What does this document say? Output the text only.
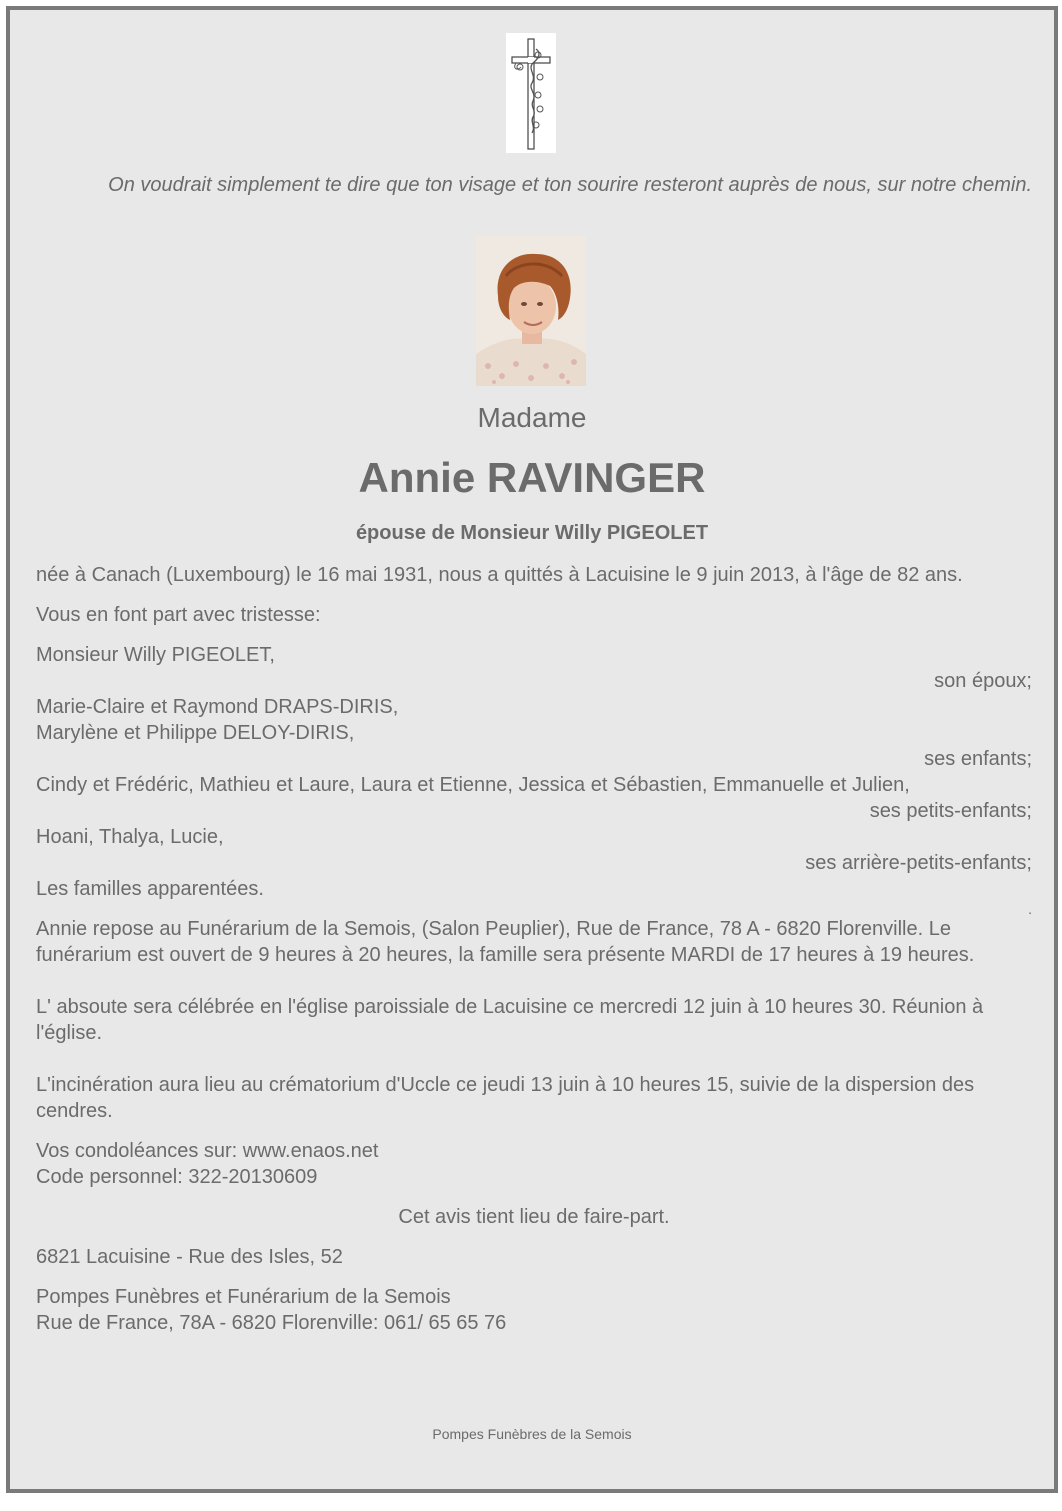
On voudrait simplement te dire que ton visage et ton sourire resteront auprès de nous, sur notre chemin.
Madame
Annie RAVINGER
épouse de Monsieur Willy PIGEOLET

née à Canach (Luxembourg) le 16 mai 1931, nous a quittés à Lacuisine le 9 juin 2013, à l'âge de 82 ans.

Vous en font part avec tristesse:

Monsieur Willy PIGEOLET,

son époux;

Marie-Claire et Raymond DRAPS-DIRIS,

Marylène et Philippe DELOY-DIRIS,

ses enfants;

Cindy et Frédéric, Mathieu et Laure, Laura et Etienne, Jessica et Sébastien, Emmanuelle et Julien,

ses petits-enfants;

Hoani, Thalya, Lucie,

ses arrière-petits-enfants;

Les familles apparentées.

.

Annie repose au Funérarium de la Semois, (Salon Peuplier), Rue de France, 78 A - 6820 Florenville. Le funérarium est ouvert de 9 heures à 20 heures, la famille sera présente MARDI de 17 heures à 19 heures.

L' absoute sera célébrée en l'église paroissiale de Lacuisine ce mercredi 12 juin à 10 heures 30. Réunion à l'église.

L'incinération aura lieu au crématorium d'Uccle ce jeudi 13 juin à 10 heures 15, suivie de la dispersion des cendres.

Vos condoléances sur: www.enaos.net

Code personnel: 322-20130609

Cet avis tient lieu de faire-part.

6821 Lacuisine - Rue des Isles, 52

Pompes Funèbres et Funérarium de la Semois

Rue de France, 78A - 6820 Florenville: 061/ 65 65 76

Pompes Funèbres de la Semois
